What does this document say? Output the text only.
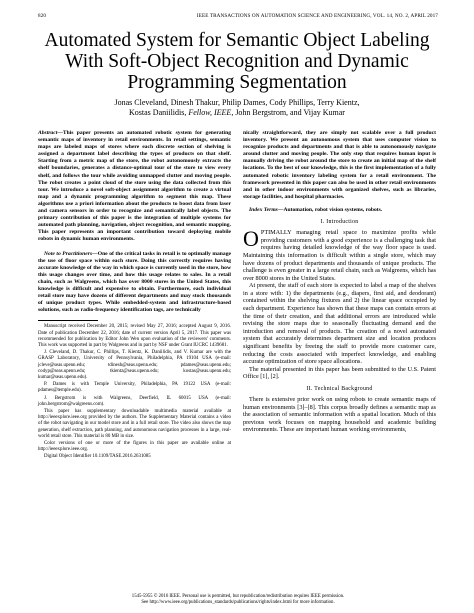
820	IEEE TRANSACTIONS ON AUTOMATION SCIENCE AND ENGINEERING, VOL. 14, NO. 2, APRIL 2017
Automated System for Semantic Object Labeling With Soft-Object Recognition and Dynamic Programming Segmentation
Jonas Cleveland, Dinesh Thakur, Philip Dames, Cody Phillips, Terry Kientz,
Kostas Daniilidis, Fellow, IEEE, John Bergstrom, and Vijay Kumar

Abstract—This paper presents an automated robotic system for generating semantic maps of inventory in retail environments. In retail settings, semantic maps are labeled maps of stores where each discrete section of shelving is assigned a department label describing the types of products on that shelf. Starting from a metric map of the store, the robot autonomously extracts the shelf boundaries, generates a distance-optimal tour of the store to view every shelf, and follows the tour while avoiding unmapped clutter and moving people. The robot creates a point cloud of the store using the data collected from this tour. We introduce a novel soft-object assignment algorithm to create a virtual map and a dynamic programming algorithm to segment this map. These algorithms use a priori information about the products to boost data from laser and camera sensors in order to recognize and semantically label objects. The primary contribution of this paper is the integration of multiple systems for automated path planning, navigation, object recognition, and semantic mapping. This paper represents an important contribution toward deploying mobile robots in dynamic human environments.

Note to Practitioners—One of the critical tasks in retail is to optimally manage the use of floor space within each store. Doing this correctly requires having accurate knowledge of the way in which space is currently used in the store, how this usage changes over time, and how this usage relates to sales. In a retail chain, such as Walgreens, which has over 8000 stores in the United States, this knowledge is difficult and expensive to obtain. Furthermore, each individual retail store may have dozens of different departments and may stock thousands of unique product types. While embedded-system and infrastructure-based solutions, such as radio-frequency identification tags, are technically

Manuscript received December 20, 2015; revised May 27, 2016; accepted August 9, 2016. Date of publication December 22, 2016; date of current version April 5, 2017. This paper was recommended for publication by Editor John Wen upon evaluation of the reviewers' comments. This work was supported in part by Walgreens and in part by NSF under Grant IUCRC 1439681.

J. Cleveland, D. Thakur, C. Phillips, T. Kientz, K. Daniilidis, and V. Kumar are with the GRASP Laboratory, University of Pennsylvania, Philadelphia, PA 19104 USA (e-mail: jcleve@seas.upenn.edu; tdinesh@seas.upenn.edu; pdames@seas.upenn.edu; codyp@seas.upenn.edu; tkientz@seas.upenn.edu; kostas@seas.upenn.edu; kumar@seas.upenn.edu).

P. Dames is with Temple University, Philadelphia, PA 19122 USA (e-mail: pdames@temple.edu).

J. Bergstrom is with Walgreens, Deerfield, IL 60015 USA (e-mail: john.bergstrom@walgreens.com).

This paper has supplementary downloadable multimedia material available at http://ieeexplore.ieee.org provided by the authors. The Supplementary Material contains a video of the robot navigating in our model store and in a full retail store. The video also shows the map generation, shelf extraction, path planning, and autonomous navigation processes in a large, real-world retail store. This material is 80 MB in size.

Color versions of one or more of the figures in this paper are available online at http://ieeexplore.ieee.org.

Digital Object Identifier 10.1109/TASE.2016.2631085

nically straightforward, they are simply not scalable over a full product inventory. We present an autonomous system that uses computer vision to recognize products and departments and that is able to autonomously navigate around clutter and moving people. The only step that requires human input is manually driving the robot around the store to create an initial map of the shelf locations. To the best of our knowledge, this is the first implementation of a fully automated robotic inventory labeling system for a retail environment. The framework presented in this paper can also be used in other retail environments and in other indoor environments with organized shelves, such as libraries, storage facilities, and hospital pharmacies.

Index Terms—Automation, robot vision systems, robots.

I. Introduction

OPTIMALLY managing retail space to maximize profits while providing customers with a good experience is a challenging task that requires having detailed knowledge of the way floor space is used. Maintaining this information is difficult within a single store, which may have dozens of product departments and thousands of unique products. The challenge is even greater in a large retail chain, such as Walgreens, which has over 8000 stores in the United States.

At present, the staff of each store is expected to label a map of the shelves in a store with: 1) the departments (e.g., diapers, first aid, and deodorant) contained within the shelving fixtures and 2) the linear space occupied by each department. Experience has shown that these maps can contain errors at the time of their creation, and that additional errors are introduced while revising the store maps due to seasonally fluctuating demand and the introduction and removal of products. The creation of a novel automated system that accurately determines department size and location produces significant benefits by freeing the staff to provide more customer care, reducing the costs associated with imperfect knowledge, and enabling accurate optimization of store space allocations.

The material presented in this paper has been submitted to the U.S. Patent Office [1], [2].

II. Technical Background

There is extensive prior work on using robots to create semantic maps of human environments [3]–[8]. This corpus broadly defines a semantic map as the association of semantic information with a spatial location. Much of this previous work focuses on mapping household and academic building environments. These are important human working environments,

1545-5955 © 2016 IEEE. Personal use is permitted, but republication/redistribution requires IEEE permission.
See http://www.ieee.org/publications_standards/publications/rights/index.html for more information.
